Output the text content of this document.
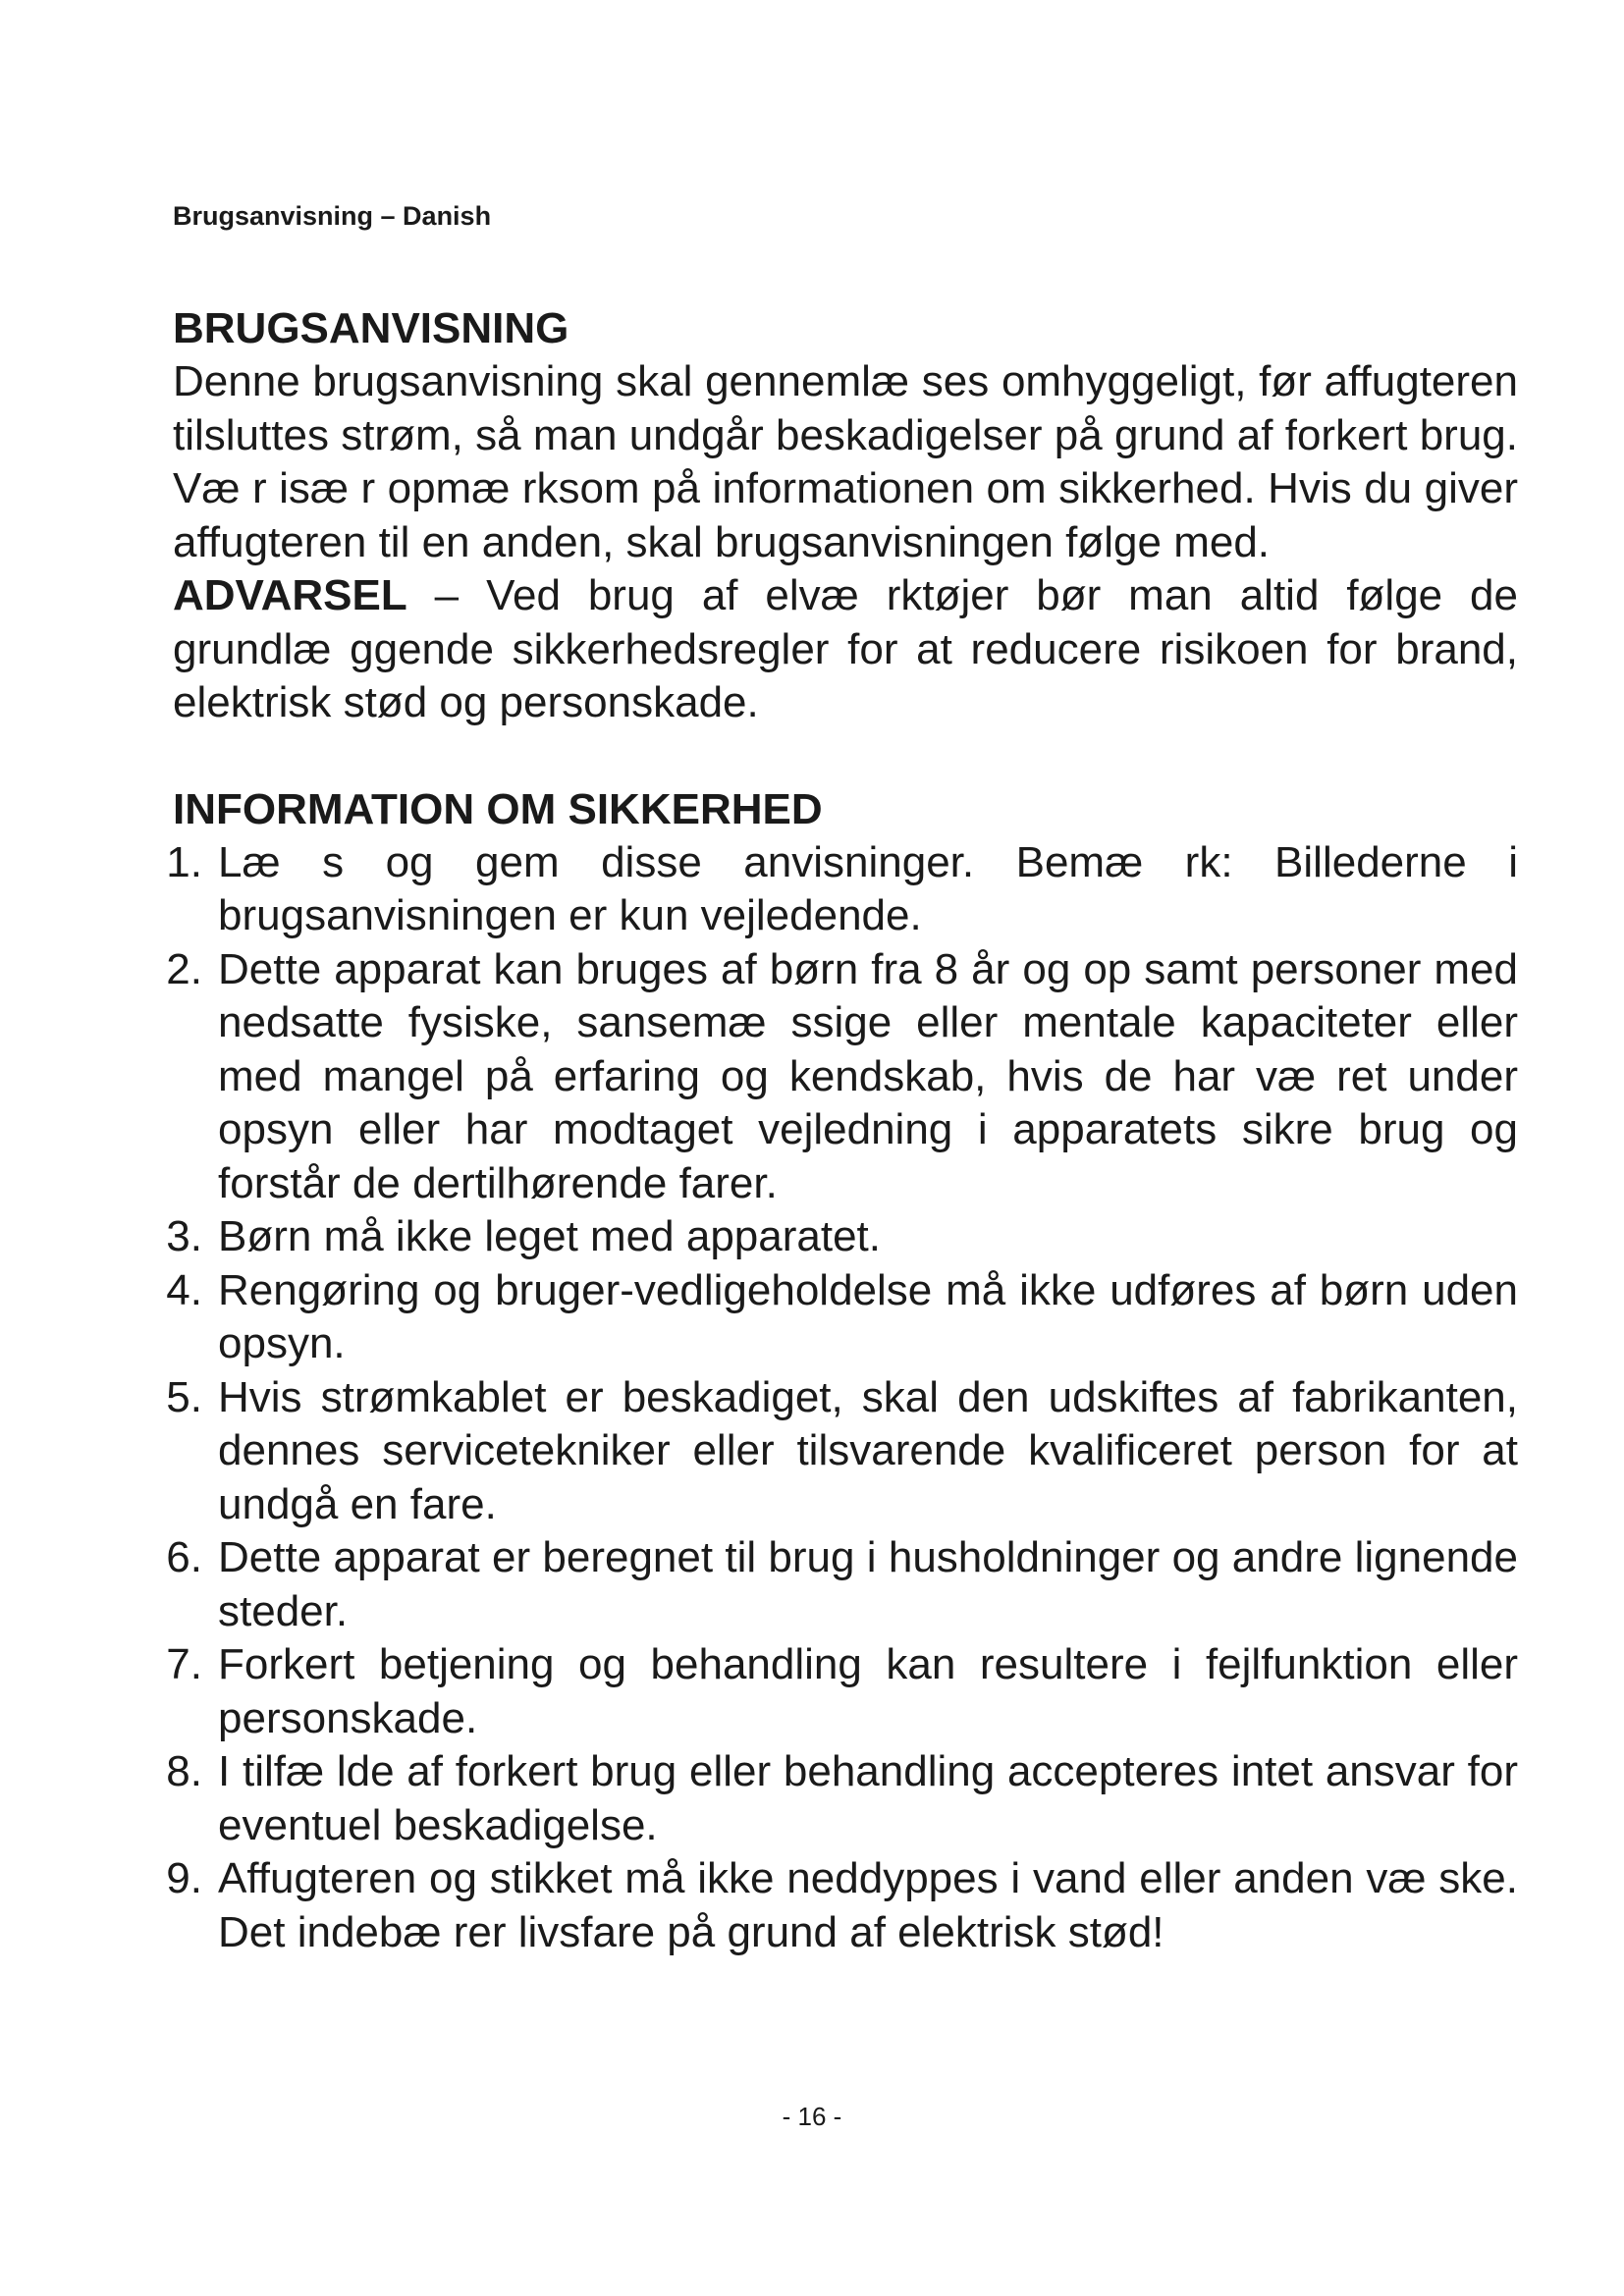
Brugsanvisning – Danish
BRUGSANVISNING

Denne brugsanvisning skal gennemlæ ses omhyggeligt, før affugteren tilsluttes strøm, så man undgår beskadigelser på grund af forkert brug. Væ r isæ r opmæ rksom på informationen om sikkerhed. Hvis du giver affugteren til en anden, skal brugsanvisningen følge med.

ADVARSEL – Ved brug af elvæ rktøjer bør man altid følge de grundlæ ggende sikkerhedsregler for at reducere risikoen for brand, elektrisk stød og personskade.

INFORMATION OM SIKKERHED
1. Læ s og gem disse anvisninger. Bemæ rk: Billederne i brugsanvisningen er kun vejledende.
2. Dette apparat kan bruges af børn fra 8 år og op samt personer med nedsatte fysiske, sansemæ ssige eller mentale kapaciteter eller med mangel på erfaring og kendskab, hvis de har væ ret under opsyn eller har modtaget vejledning i apparatets sikre brug og forstår de dertilhørende farer.
3. Børn må ikke leget med apparatet.
4. Rengøring og bruger-vedligeholdelse må ikke udføres af børn uden opsyn.
5. Hvis strømkablet er beskadiget, skal den udskiftes af fabrikanten, dennes servicetekniker eller tilsvarende kvalificeret person for at undgå en fare.
6. Dette apparat er beregnet til brug i husholdninger og andre lignende steder.
7. Forkert betjening og behandling kan resultere i fejlfunktion eller personskade.
8. I tilfæ lde af forkert brug eller behandling accepteres intet ansvar for eventuel beskadigelse.
9. Affugteren og stikket må ikke neddyppes i vand eller anden væ ske. Det indebæ rer livsfare på grund af elektrisk stød!
- 16 -
